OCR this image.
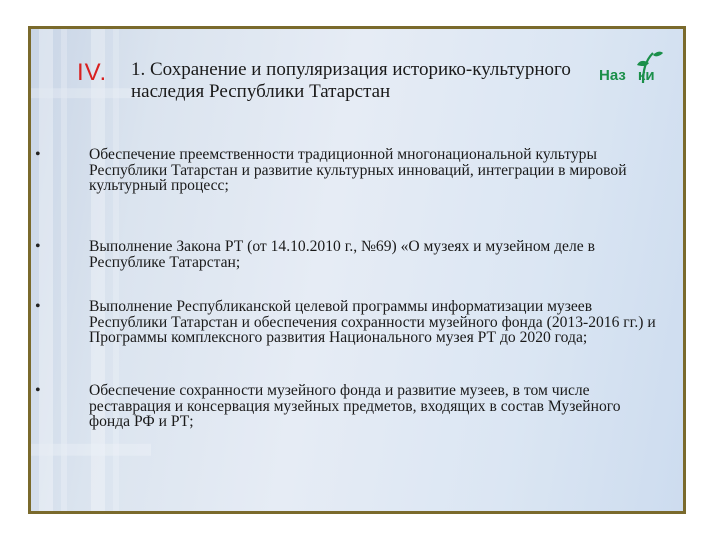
IV. 1. Сохранение и популяризация историко-культурного наследия Республики Татарстан
Наз ки
•	Обеспечение преемственности традиционной многонациональной культуры Республики Татарстан и развитие культурных инноваций, интеграции в мировой культурный процесс;
•	Выполнение Закона РТ (от 14.10.2010 г., №69) «О музеях и музейном деле в Республике Татарстан;
•	Выполнение Республиканской целевой программы информатизации музеев Республики Татарстан и обеспечения сохранности музейного фонда (2013-2016 гг.) и Программы комплексного развития Национального музея РТ до 2020 года;
•	Обеспечение сохранности музейного фонда и развитие музеев, в том числе реставрация и консервация музейных предметов, входящих в состав Музейного фонда РФ и РТ;
